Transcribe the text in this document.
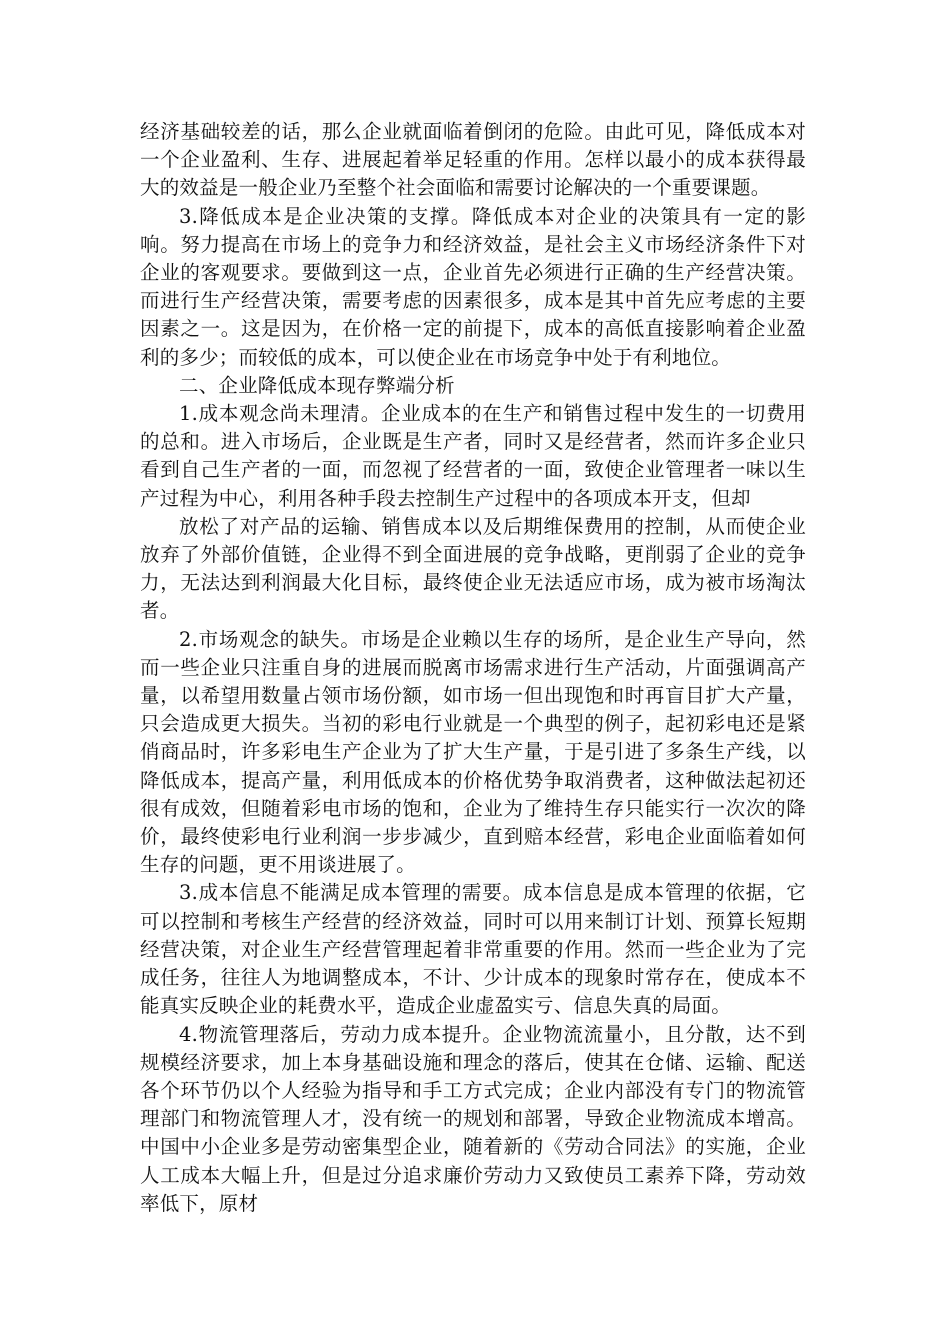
经济基础较差的话，那么企业就面临着倒闭的危险。由此可见，降低成本对一个企业盈利、生存、进展起着举足轻重的作用。怎样以最小的成本获得最大的效益是一般企业乃至整个社会面临和需要讨论解决的一个重要课题。

3.降低成本是企业决策的支撑。降低成本对企业的决策具有一定的影响。努力提高在市场上的竞争力和经济效益，是社会主义市场经济条件下对企业的客观要求。要做到这一点，企业首先必须进行正确的生产经营决策。而进行生产经营决策，需要考虑的因素很多，成本是其中首先应考虑的主要因素之一。这是因为，在价格一定的前提下，成本的高低直接影响着企业盈利的多少；而较低的成本，可以使企业在市场竞争中处于有利地位。

二、企业降低成本现存弊端分析

1.成本观念尚未理清。企业成本的在生产和销售过程中发生的一切费用的总和。进入市场后，企业既是生产者，同时又是经营者，然而许多企业只看到自己生产者的一面，而忽视了经营者的一面，致使企业管理者一味以生产过程为中心，利用各种手段去控制生产过程中的各项成本开支，但却

放松了对产品的运输、销售成本以及后期维保费用的控制，从而使企业放弃了外部价值链，企业得不到全面进展的竞争战略，更削弱了企业的竞争力，无法达到利润最大化目标，最终使企业无法适应市场，成为被市场淘汰者。

2.市场观念的缺失。市场是企业赖以生存的场所，是企业生产导向，然而一些企业只注重自身的进展而脱离市场需求进行生产活动，片面强调高产量，以希望用数量占领市场份额，如市场一但出现饱和时再盲目扩大产量，只会造成更大损失。当初的彩电行业就是一个典型的例子，起初彩电还是紧俏商品时，许多彩电生产企业为了扩大生产量，于是引进了多条生产线，以降低成本，提高产量，利用低成本的价格优势争取消费者，这种做法起初还很有成效，但随着彩电市场的饱和，企业为了维持生存只能实行一次次的降价，最终使彩电行业利润一步步减少，直到赔本经营，彩电企业面临着如何生存的问题，更不用谈进展了。

3.成本信息不能满足成本管理的需要。成本信息是成本管理的依据，它可以控制和考核生产经营的经济效益，同时可以用来制订计划、预算长短期经营决策，对企业生产经营管理起着非常重要的作用。然而一些企业为了完成任务，往往人为地调整成本，不计、少计成本的现象时常存在，使成本不能真实反映企业的耗费水平，造成企业虚盈实亏、信息失真的局面。

4.物流管理落后，劳动力成本提升。企业物流流量小，且分散，达不到规模经济要求，加上本身基础设施和理念的落后，使其在仓储、运输、配送各个环节仍以个人经验为指导和手工方式完成；企业内部没有专门的物流管理部门和物流管理人才，没有统一的规划和部署，导致企业物流成本增高。中国中小企业多是劳动密集型企业，随着新的《劳动合同法》的实施，企业人工成本大幅上升，但是过分追求廉价劳动力又致使员工素养下降，劳动效率低下，原材
